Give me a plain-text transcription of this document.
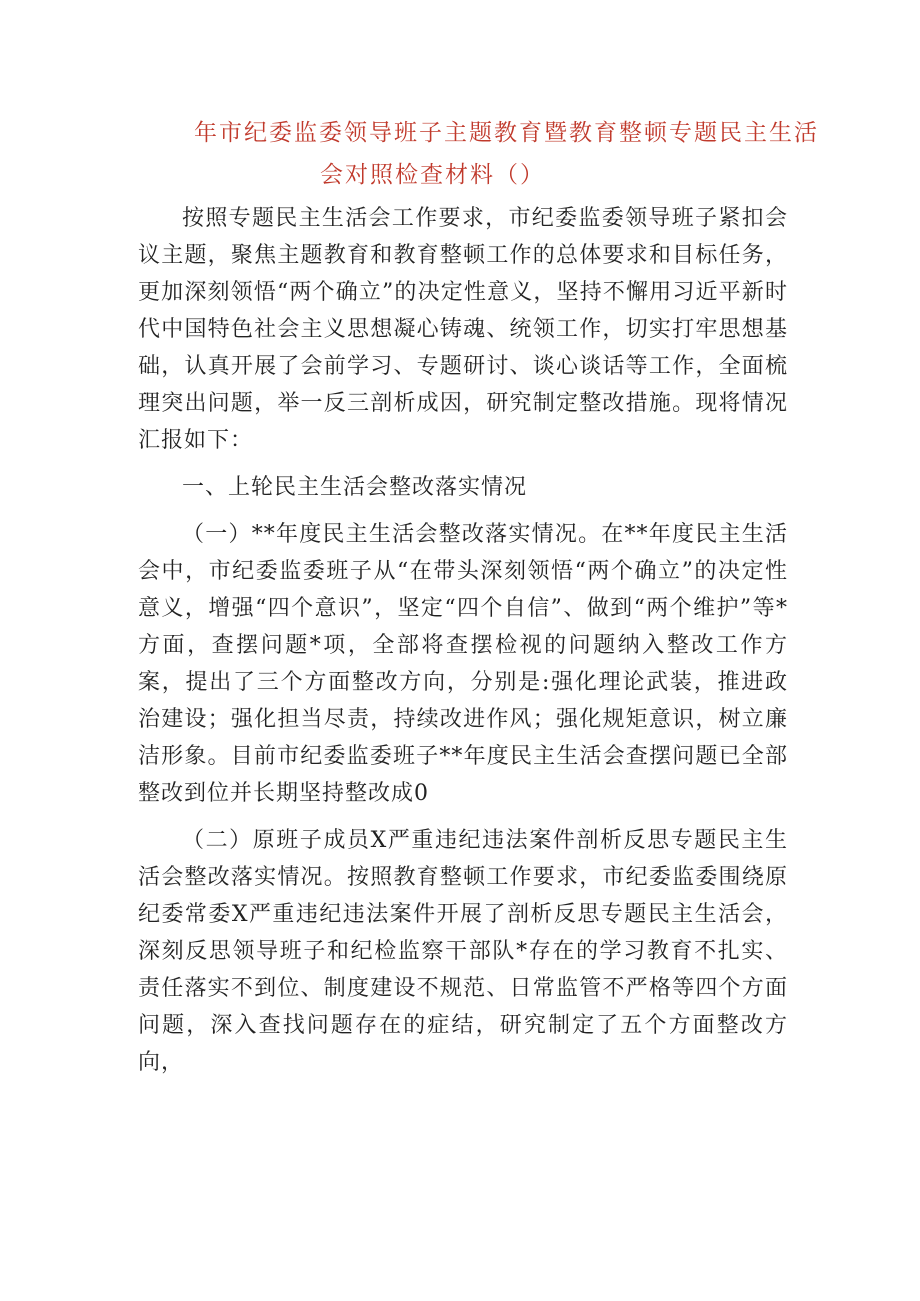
年市纪委监委领导班子主题教育暨教育整顿专题民主生活
会对照检查材料（）

按照专题民主生活会工作要求，市纪委监委领导班子紧扣会议主题，聚焦主题教育和教育整顿工作的总体要求和目标任务，更加深刻领悟“两个确立”的决定性意义，坚持不懈用习近平新时代中国特色社会主义思想凝心铸魂、统领工作，切实打牢思想基础，认真开展了会前学习、专题研讨、谈心谈话等工作，全面梳理突出问题，举一反三剖析成因，研究制定整改措施。现将情况汇报如下：

一、上轮民主生活会整改落实情况

（一）**年度民主生活会整改落实情况。在**年度民主生活会中，市纪委监委班子从“在带头深刻领悟“两个确立”的决定性意义，增强“四个意识”，坚定“四个自信”、做到“两个维护”等*方面，查摆问题*项，全部将查摆检视的问题纳入整改工作方案，提出了三个方面整改方向，分别是:强化理论武装，推进政治建设；强化担当尽责，持续改进作风；强化规矩意识，树立廉洁形象。目前市纪委监委班子**年度民主生活会查摆问题已全部整改到位并长期坚持整改成0

（二）原班子成员X严重违纪违法案件剖析反思专题民主生活会整改落实情况。按照教育整顿工作要求，市纪委监委围绕原纪委常委X严重违纪违法案件开展了剖析反思专题民主生活会，深刻反思领导班子和纪检监察干部队*存在的学习教育不扎实、责任落实不到位、制度建设不规范、日常监管不严格等四个方面问题，深入查找问题存在的症结，研究制定了五个方面整改方向，
